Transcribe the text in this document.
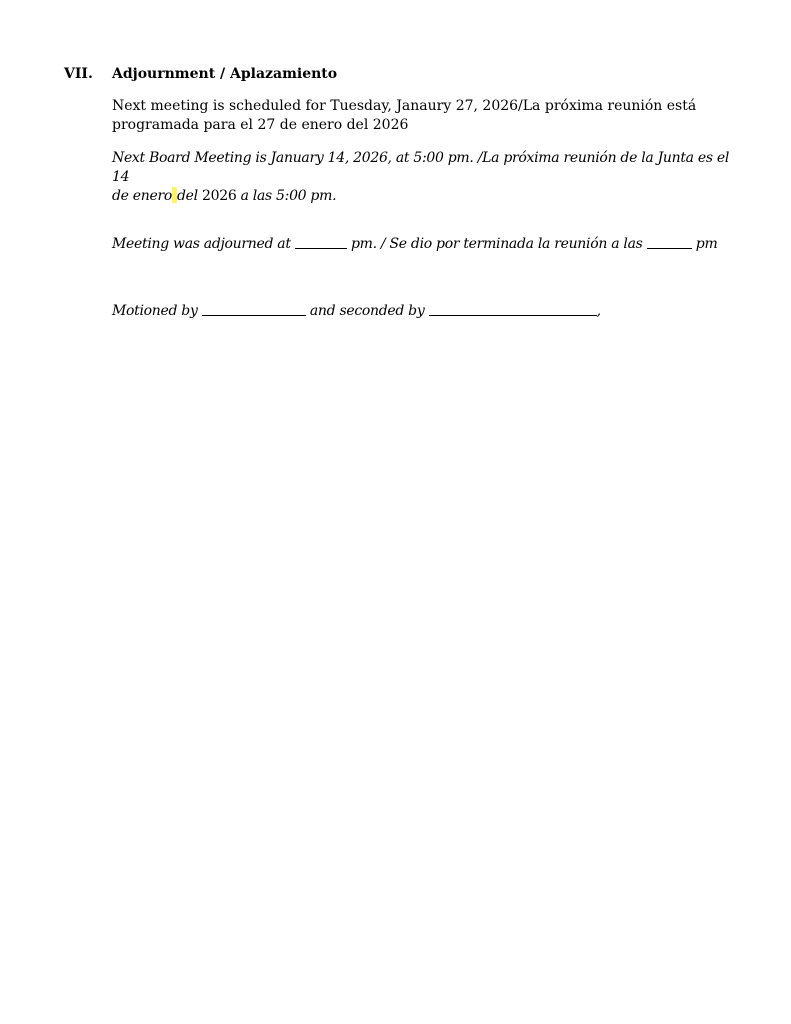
VII.	Adjournment / Aplazamiento
Next meeting is scheduled for Tuesday, Janaury 27, 2026/La próxima reunión está
programada para el 27 de enero del 2026
Next Board Meeting is January 14, 2026, at 5:00 pm. /La próxima reunión de la Junta es el 14
de enero del 2026 a las 5:00 pm.
Meeting was adjourned at	pm. / Se dio por terminada la reunión a las	pm
Motioned by	and seconded by	,
